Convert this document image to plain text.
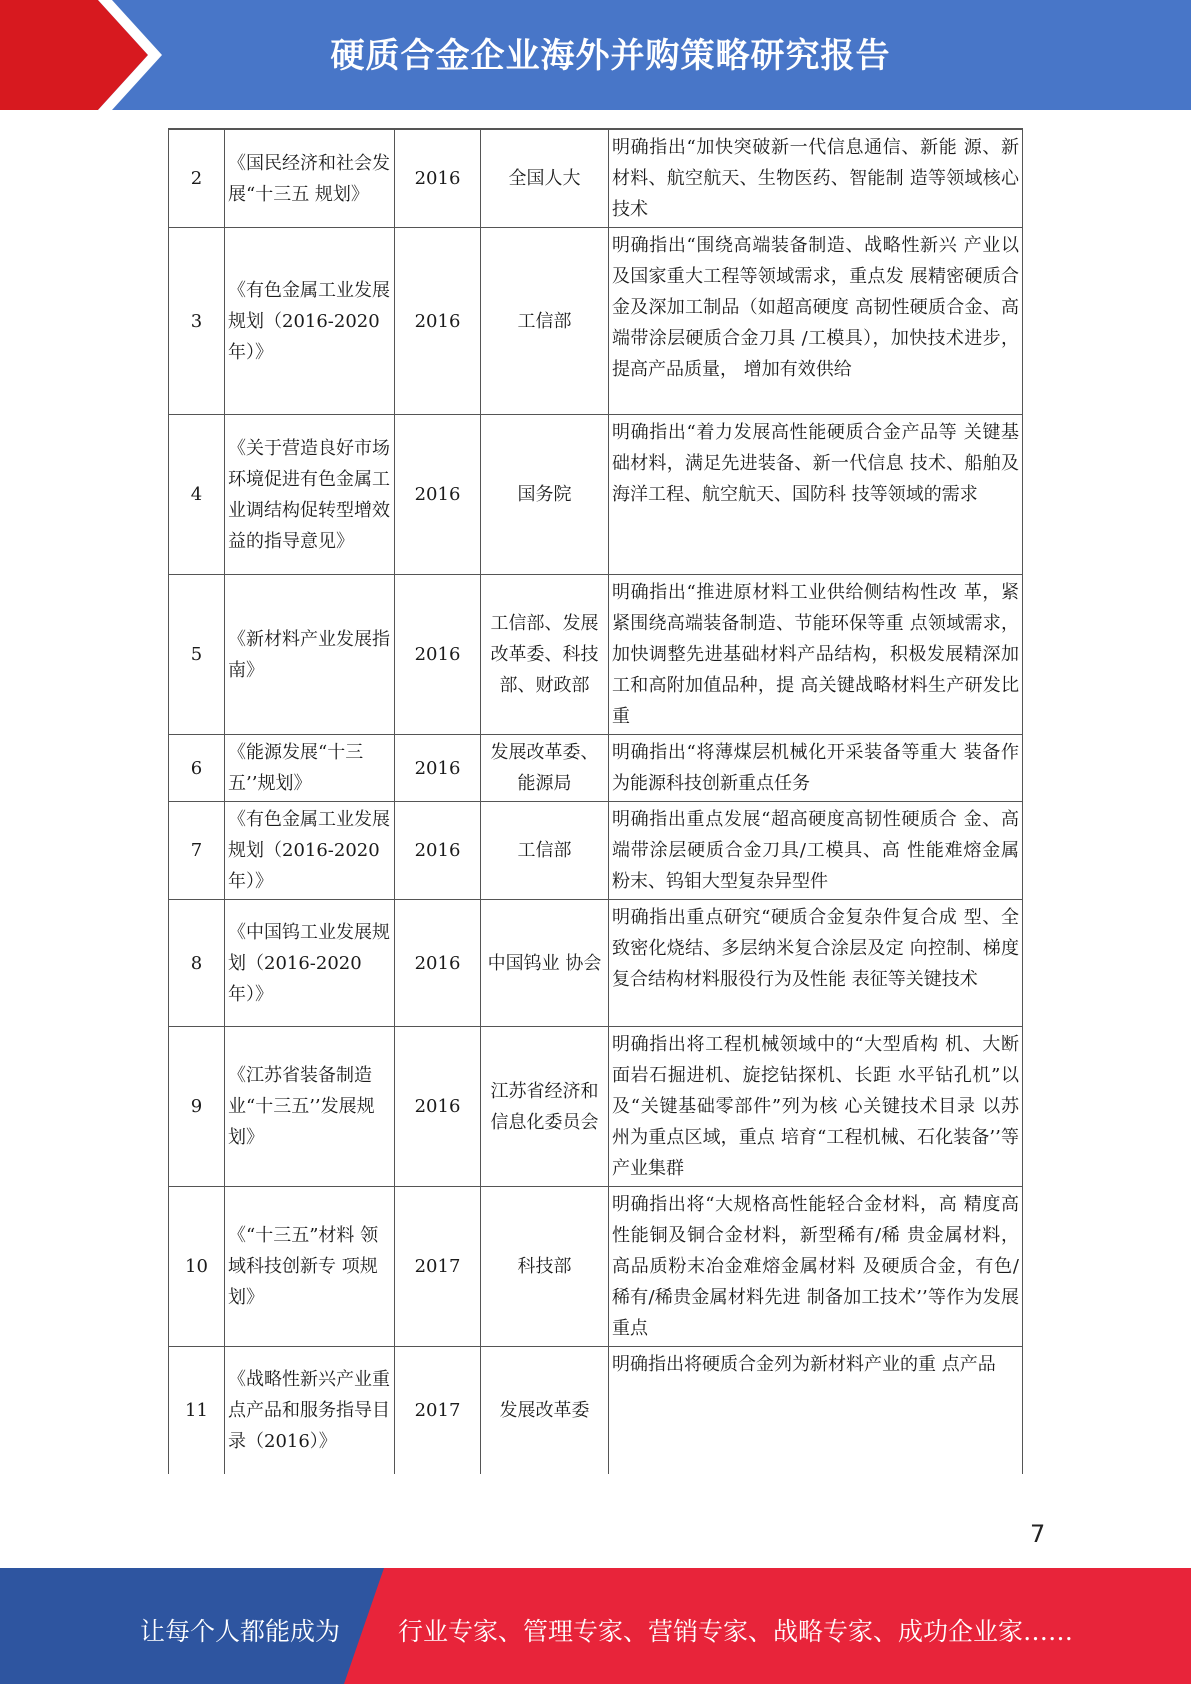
硬质合金企业海外并购策略研究报告
2	《国民经济和社会发展“十三五 规划》	2016	全国人大	明确指出“加快突破新一代信息通信、新能 源、新材料、航空航天、生物医药、智能制 造等领域核心技术
3	《有色金属工业发展规划（2016-2020 年）》	2016	工信部	明确指出“围绕高端装备制造、战略性新兴 产业以及国家重大工程等领域需求，重点发 展精密硬质合金及深加工制品（如超高硬度 高韧性硬质合金、高端带涂层硬质合金刀具 /工模具），加快技术进步，提高产品质量， 增加有效供给
4	《关于营造良好市场环境促进有色金属工业调结构促转型增效益的指导意见》	2016	国务院	明确指出“着力发展高性能硬质合金产品等 关键基础材料，满足先进装备、新一代信息 技术、船舶及海洋工程、航空航天、国防科 技等领域的需求
5	《新材料产业发展指南》	2016	工信部、发展改革委、科技部、财政部	明确指出“推进原材料工业供给侧结构性改 革，紧紧围绕高端装备制造、节能环保等重 点领域需求，加快调整先进基础材料产品结构，积极发展精深加工和高附加值品种，提 高关键战略材料生产研发比重
6	《能源发展“十三五’’规划》	2016	发展改革委、能源局	明确指出“将薄煤层机械化开采装备等重大 装备作为能源科技创新重点任务
7	《有色金属工业发展规划（2016-2020 年）》	2016	工信部	明确指出重点发展“超高硬度高韧性硬质合 金、高端带涂层硬质合金刀具/工模具、高 性能难熔金属粉末、钨钼大型复杂异型件
8	《中国钨工业发展规划（2016-2020 年）》	2016	中国钨业 协会	明确指出重点研究“硬质合金复杂件复合成 型、全致密化烧结、多层纳米复合涂层及定 向控制、梯度复合结构材料服役行为及性能 表征等关键技术
9	《江苏省装备制造业“十三五’’发展规划》	2016	江苏省经济和信息化委员会	明确指出将工程机械领域中的“大型盾构 机、大断面岩石掘进机、旋挖钻探机、长距 水平钻孔机”以及“关键基础零部件”列为核 心关键技术目录 以苏州为重点区域，重点 培育“工程机械、石化装备’’等产业集群
10	《“十三五”材料 领域科技创新专 项规划》	2017	科技部	明确指出将“大规格高性能轻合金材料，高 精度高性能铜及铜合金材料，新型稀有/稀 贵金属材料，高品质粉末冶金难熔金属材料 及硬质合金，有色/稀有/稀贵金属材料先进 制备加工技术’’等作为发展重点
11	《战略性新兴产业重点产品和服务指导目录（2016）》	2017	发展改革委	明确指出将硬质合金列为新材料产业的重 点产品
7
让每个人都能成为 行业专家、管理专家、营销专家、战略专家、成功企业家……
